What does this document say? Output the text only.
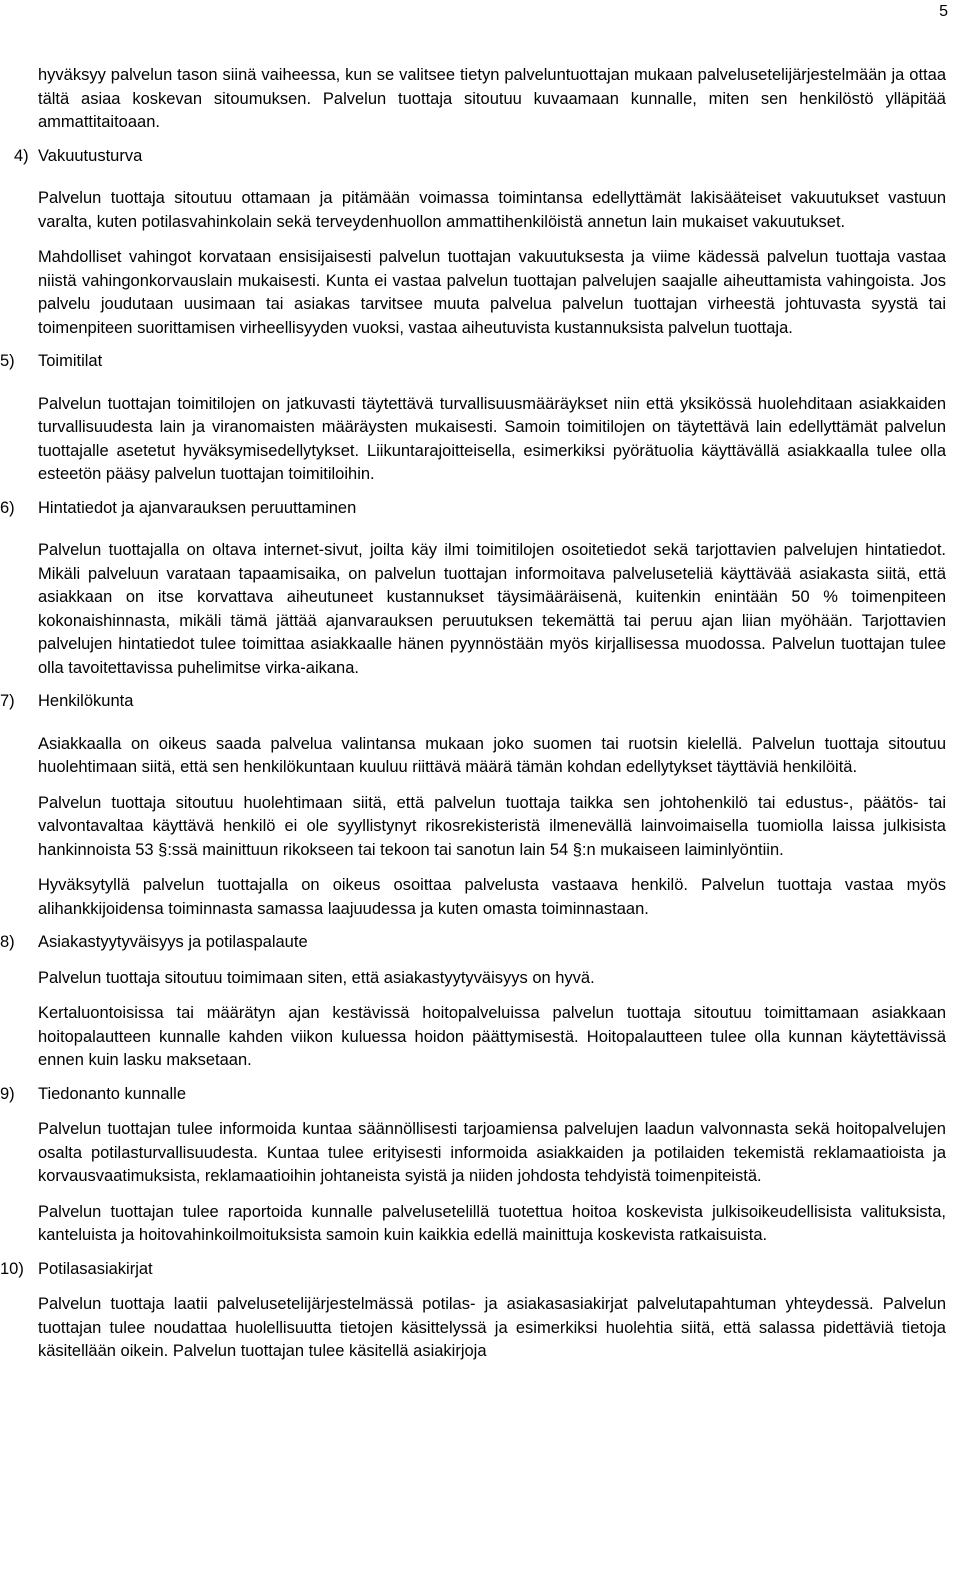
5
hyväksyy palvelun tason siinä vaiheessa, kun se valitsee tietyn palveluntuottajan mukaan palvelusetelijärjestelmään ja ottaa tältä asiaa koskevan sitoumuksen. Palvelun tuottaja sitoutuu kuvaamaan kunnalle, miten sen henkilöstö ylläpitää ammattitaitoaan.
4) Vakuutusturva
Palvelun tuottaja sitoutuu ottamaan ja pitämään voimassa toimintansa edellyttämät lakisääteiset vakuutukset vastuun varalta, kuten potilasvahinkolain sekä terveydenhuollon ammattihenkilöistä annetun lain mukaiset vakuutukset.
Mahdolliset vahingot korvataan ensisijaisesti palvelun tuottajan vakuutuksesta ja viime kädessä palvelun tuottaja vastaa niistä vahingonkorvauslain mukaisesti. Kunta ei vastaa palvelun tuottajan palvelujen saajalle aiheuttamista vahingoista. Jos palvelu joudutaan uusimaan tai asiakas tarvitsee muuta palvelua palvelun tuottajan virheestä johtuvasta syystä tai toimenpiteen suorittamisen virheellisyyden vuoksi, vastaa aiheutuvista kustannuksista palvelun tuottaja.
5)	Toimitilat
Palvelun tuottajan toimitilojen on jatkuvasti täytettävä turvallisuusmääräykset niin että yksikössä huolehditaan asiakkaiden turvallisuudesta lain ja viranomaisten määräysten mukaisesti. Samoin toimitilojen on täytettävä lain edellyttämät palvelun tuottajalle asetetut hyväksymisedellytykset. Liikuntarajoitteisella, esimerkiksi pyörätuolia käyttävällä asiakkaalla tulee olla esteetön pääsy palvelun tuottajan toimitiloihin.
6)	Hintatiedot ja ajanvarauksen peruuttaminen
Palvelun tuottajalla on oltava internet-sivut, joilta käy ilmi toimitilojen osoitetiedot sekä tarjottavien palvelujen hintatiedot. Mikäli palveluun varataan tapaamisaika, on palvelun tuottajan informoitava palveluseteliä käyttävää asiakasta siitä, että asiakkaan on itse korvattava aiheutuneet kustannukset täysimääräisenä, kuitenkin enintään 50 % toimenpiteen kokonaishinnasta, mikäli tämä jättää ajanvarauksen peruutuksen tekemättä tai peruu ajan liian myöhään. Tarjottavien palvelujen hintatiedot tulee toimittaa asiakkaalle hänen pyynnöstään myös kirjallisessa muodossa. Palvelun tuottajan tulee olla tavoitettavissa puhelimitse virka-aikana.
7)	Henkilökunta
Asiakkaalla on oikeus saada palvelua valintansa mukaan joko suomen tai ruotsin kielellä. Palvelun tuottaja sitoutuu huolehtimaan siitä, että sen henkilökuntaan kuuluu riittävä määrä tämän kohdan edellytykset täyttäviä henkilöitä.
Palvelun tuottaja sitoutuu huolehtimaan siitä, että palvelun tuottaja taikka sen johtohenkilö tai edustus-, päätös- tai valvontavaltaa käyttävä henkilö ei ole syyllistynyt rikosrekisteristä ilmenevällä lainvoimaisella tuomiolla laissa julkisista hankinnoista 53 §:ssä mainittuun rikokseen tai tekoon tai sanotun lain 54 §:n mukaiseen laiminlyöntiin.
Hyväksytyllä palvelun tuottajalla on oikeus osoittaa palvelusta vastaava henkilö. Palvelun tuottaja vastaa myös alihankkijoidensa toiminnasta samassa laajuudessa ja kuten omasta toiminnastaan.
8)	Asiakastyytyväisyys ja potilaspalaute
Palvelun tuottaja sitoutuu toimimaan siten, että asiakastyytyväisyys on hyvä.
Kertaluontoisissa tai määrätyn ajan kestävissä hoitopalveluissa palvelun tuottaja sitoutuu toimittamaan asiakkaan hoitopalautteen kunnalle kahden viikon kuluessa hoidon päättymisestä. Hoitopalautteen tulee olla kunnan käytettävissä ennen kuin lasku maksetaan.
9)	Tiedonanto kunnalle
Palvelun tuottajan tulee informoida kuntaa säännöllisesti tarjoamiensa palvelujen laadun valvonnasta sekä hoitopalvelujen osalta potilasturvallisuudesta. Kuntaa tulee erityisesti informoida asiakkaiden ja potilaiden tekemistä reklamaatioista ja korvausvaatimuksista, reklamaatioihin johtaneista syistä ja niiden johdosta tehdyistä toimenpiteistä.
Palvelun tuottajan tulee raportoida kunnalle palvelusetelillä tuotettua hoitoa koskevista julkisoikeudellisista valituksista, kanteluista ja hoitovahinkoilmoituksista samoin kuin kaikkia edellä mainittuja koskevista ratkaisuista.
10) Potilasasiakirjat
Palvelun tuottaja laatii palvelusetelijärjestelmässä potilas- ja asiakasasiakirjat palvelutapahtuman yhteydessä. Palvelun tuottajan tulee noudattaa huolellisuutta tietojen käsittelyssä ja esimerkiksi huolehtia siitä, että salassa pidettäviä tietoja käsitellään oikein. Palvelun tuottajan tulee käsitellä asiakirjoja
